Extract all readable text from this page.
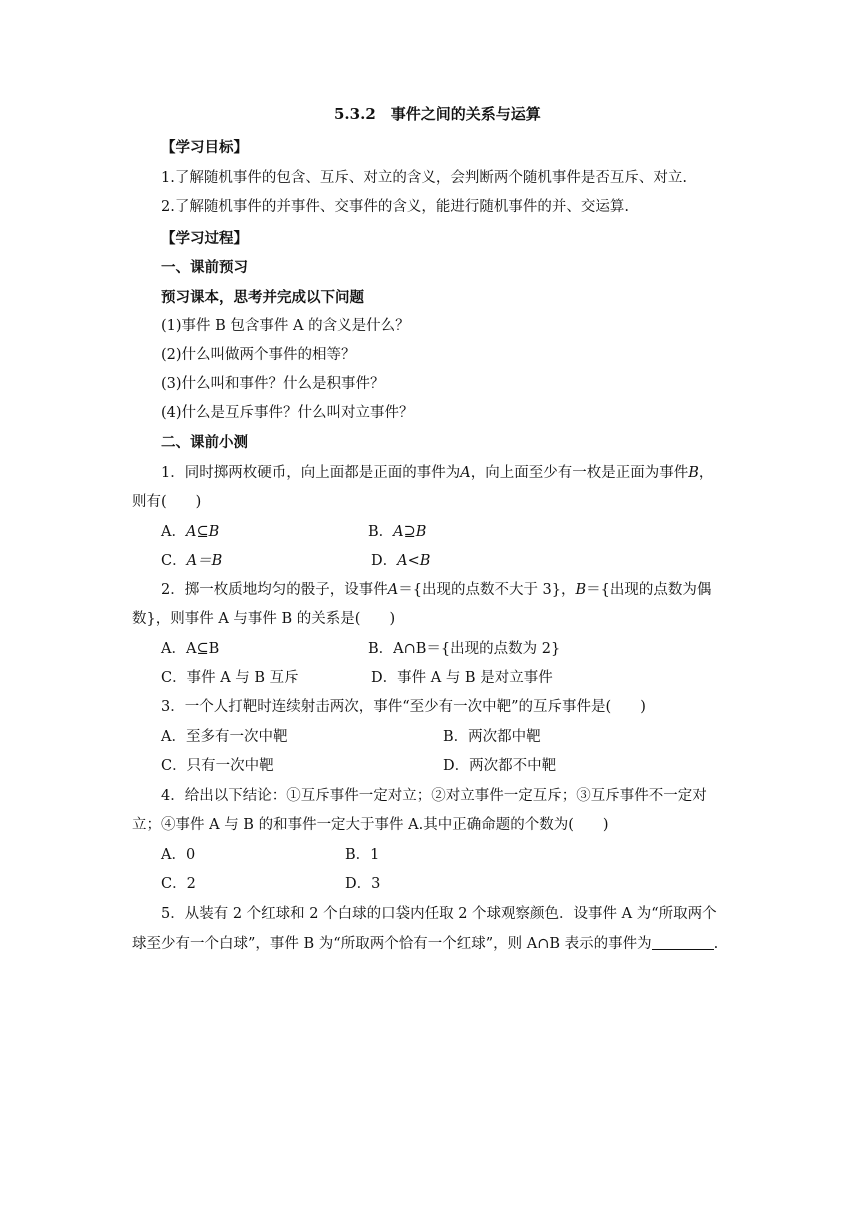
5.3.2　事件之间的关系与运算
【学习目标】
1.了解随机事件的包含、互斥、对立的含义，会判断两个随机事件是否互斥、对立.
2.了解随机事件的并事件、交事件的含义，能进行随机事件的并、交运算.
【学习过程】
一、课前预习
预习课本，思考并完成以下问题
(1)事件 B 包含事件 A 的含义是什么？
(2)什么叫做两个事件的相等？
(3)什么叫和事件？什么是积事件？
(4)什么是互斥事件？什么叫对立事件？
二、课前小测
1．同时掷两枚硬币，向上面都是正面的事件为A，向上面至少有一枚是正面为事件B，
则有(　　)
A．A⊆B	B．A⊇B
C．A＝B	D．A<B
2．掷一枚质地均匀的骰子，设事件A＝{出现的点数不大于 3}，B＝{出现的点数为偶
数}，则事件 A 与事件 B 的关系是(　　)
A．A⊆B	B．A∩B＝{出现的点数为 2}
C．事件 A 与 B 互斥	D．事件 A 与 B 是对立事件
3．一个人打靶时连续射击两次，事件“至少有一次中靶”的互斥事件是(　　)
A．至多有一次中靶	B．两次都中靶
C．只有一次中靶	D．两次都不中靶
4．给出以下结论：①互斥事件一定对立；②对立事件一定互斥；③互斥事件不一定对
立；④事件 A 与 B 的和事件一定大于事件 A.其中正确命题的个数为(　　)
A．0	B．1
C．2	D．3
5．从装有 2 个红球和 2 个白球的口袋内任取 2 个球观察颜色．设事件 A 为“所取两个
球至少有一个白球”，事件 B 为“所取两个恰有一个红球”，则 A∩B 表示的事件为	.
